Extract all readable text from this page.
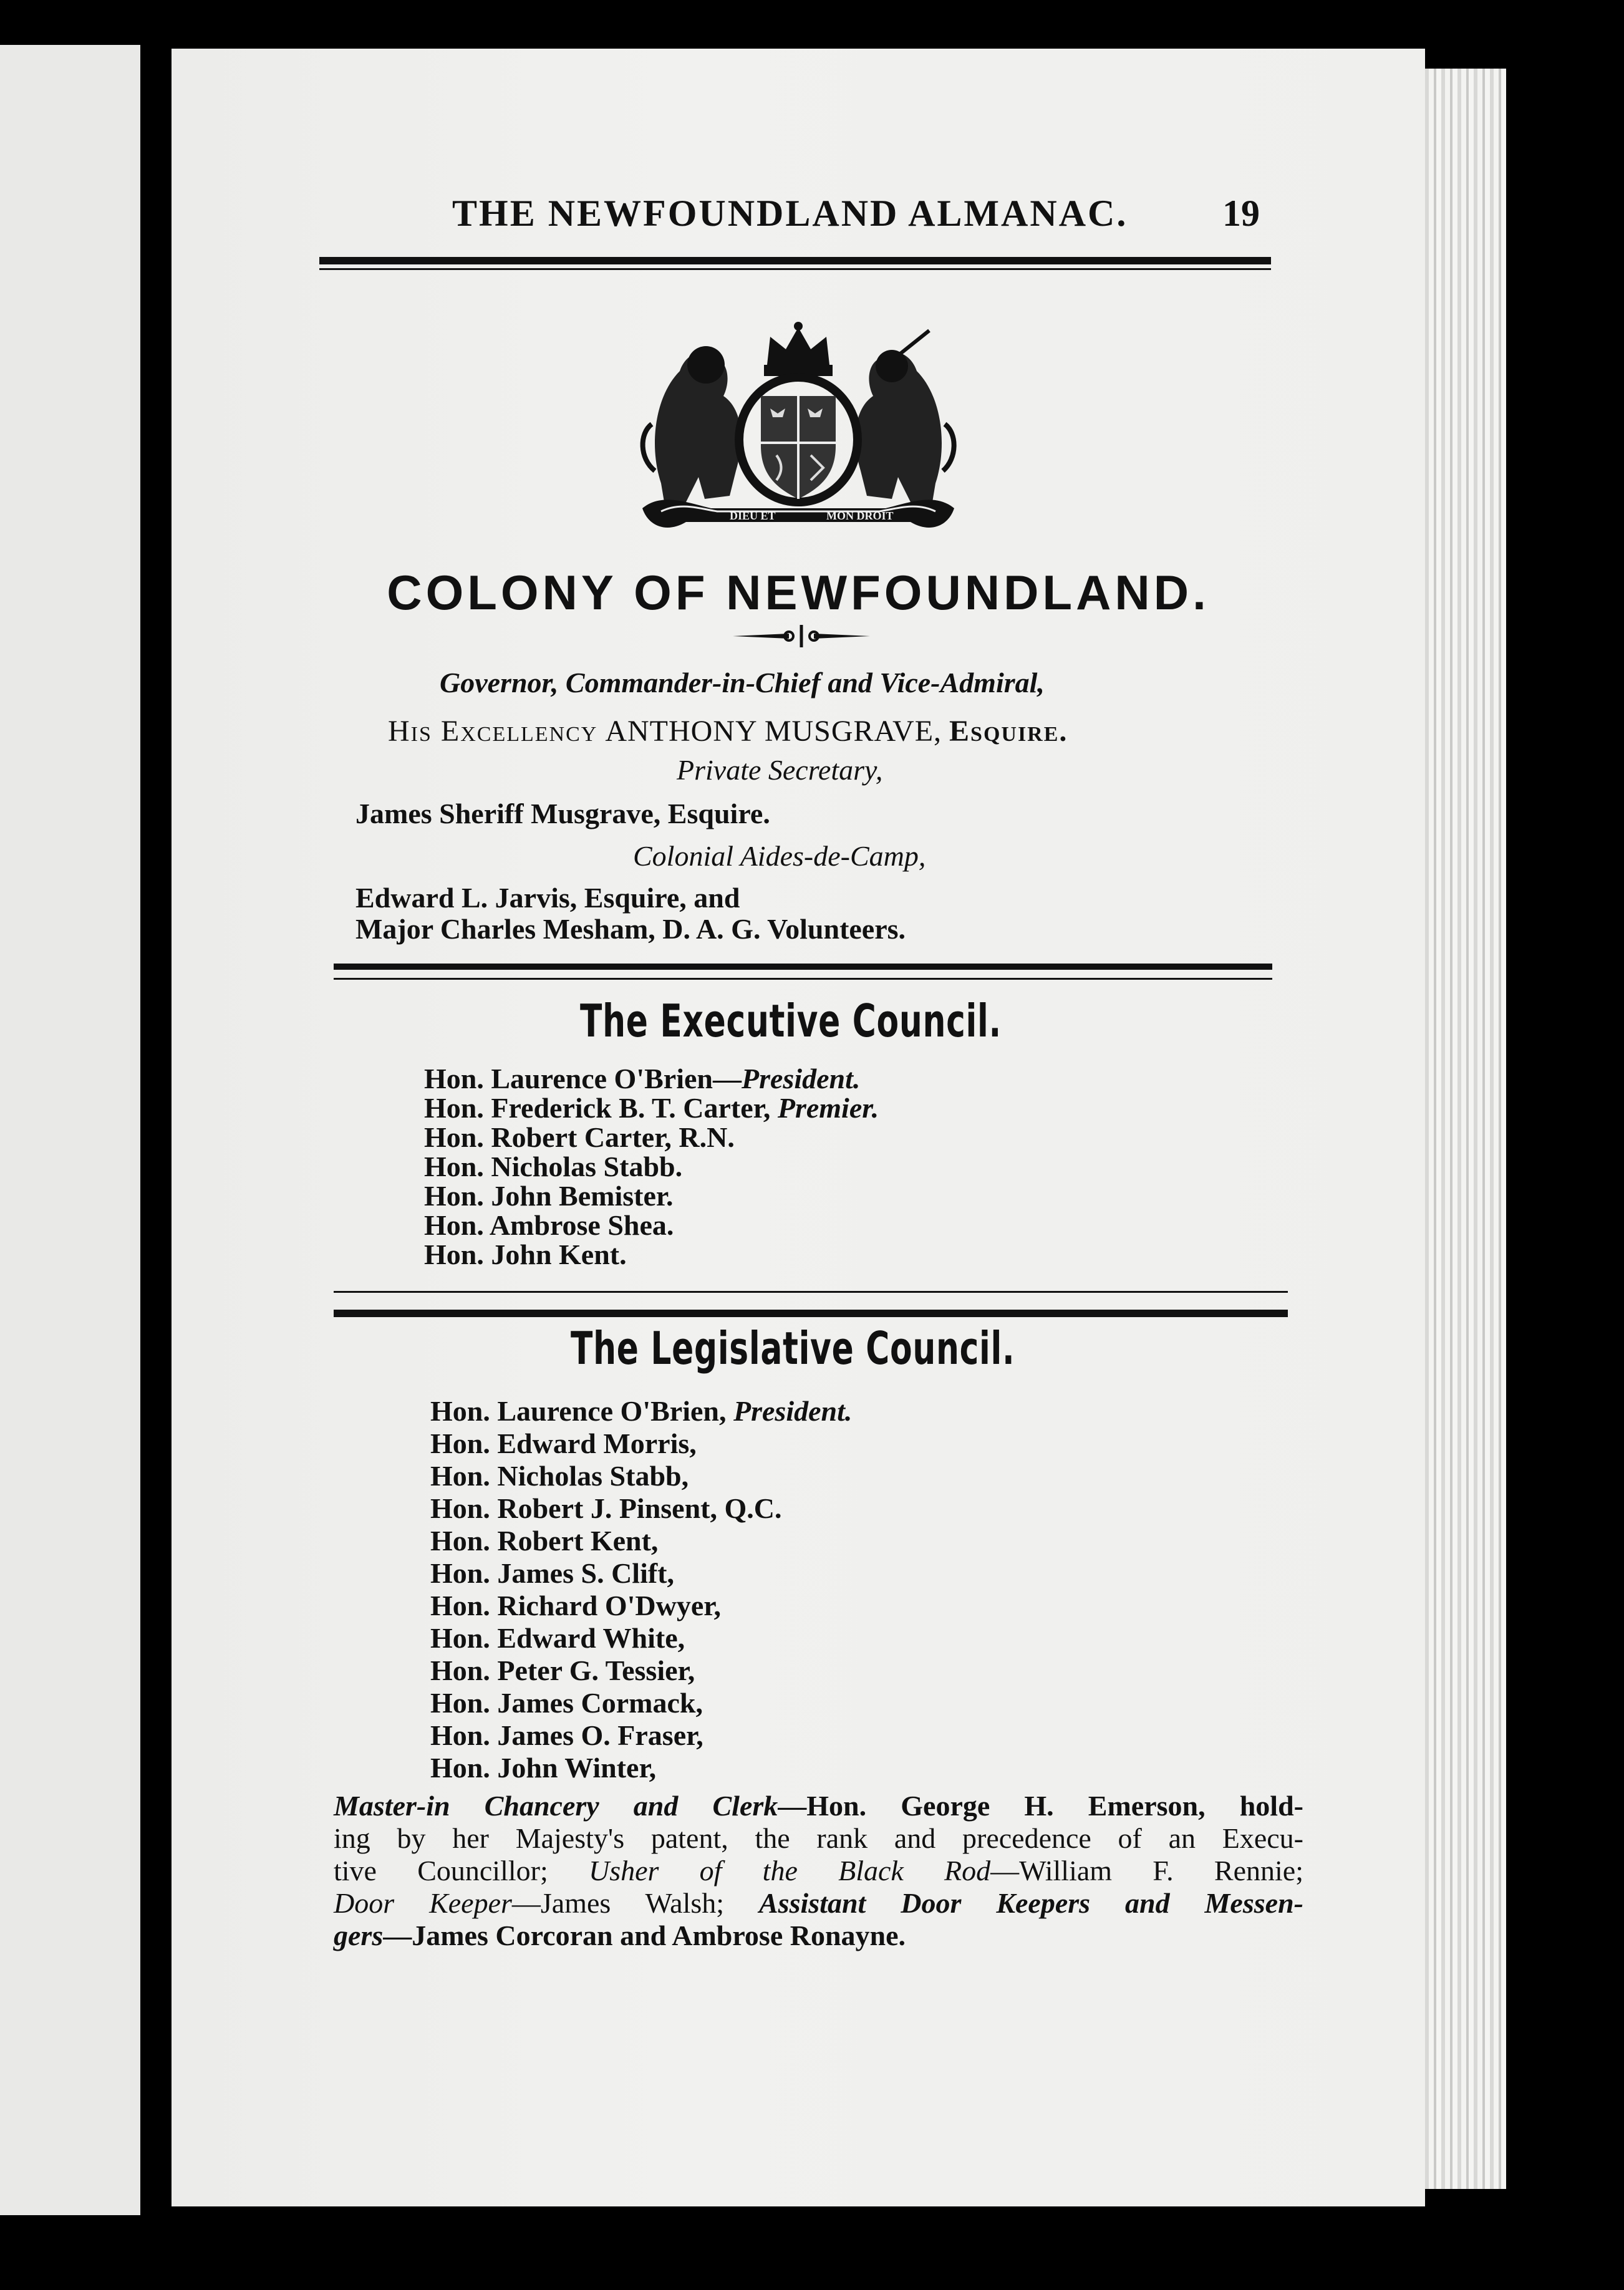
THE NEWFOUNDLAND ALMANAC.	19
DIEU ET	MON DROIT
COLONY OF NEWFOUNDLAND.
Governor, Commander-in-Chief and Vice-Admiral,
His Excellency ANTHONY MUSGRAVE, Esquire.
Private Secretary,
James Sheriff Musgrave, Esquire.
Colonial Aides-de-Camp,
Edward L. Jarvis, Esquire, and
Major Charles Mesham, D. A. G. Volunteers.
The Executive Council.
Hon. Laurence O'Brien—President.
Hon. Frederick B. T. Carter, Premier.
Hon. Robert Carter, R.N.
Hon. Nicholas Stabb.
Hon. John Bemister.
Hon. Ambrose Shea.
Hon. John Kent.
The Legislative Council.
Hon. Laurence O'Brien, President.
Hon. Edward Morris,
Hon. Nicholas Stabb,
Hon. Robert J. Pinsent, Q.C.
Hon. Robert Kent,
Hon. James S. Clift,
Hon. Richard O'Dwyer,
Hon. Edward White,
Hon. Peter G. Tessier,
Hon. James Cormack,
Hon. James O. Fraser,
Hon. John Winter,
Master-in Chancery and Clerk—Hon. George H. Emerson, hold-
ing by her Majesty's patent, the rank and precedence of an Execu-
tive Councillor; Usher of the Black Rod—William F. Rennie;
Door Keeper—James Walsh; Assistant Door Keepers and Messen-
gers—James Corcoran and Ambrose Ronayne.
